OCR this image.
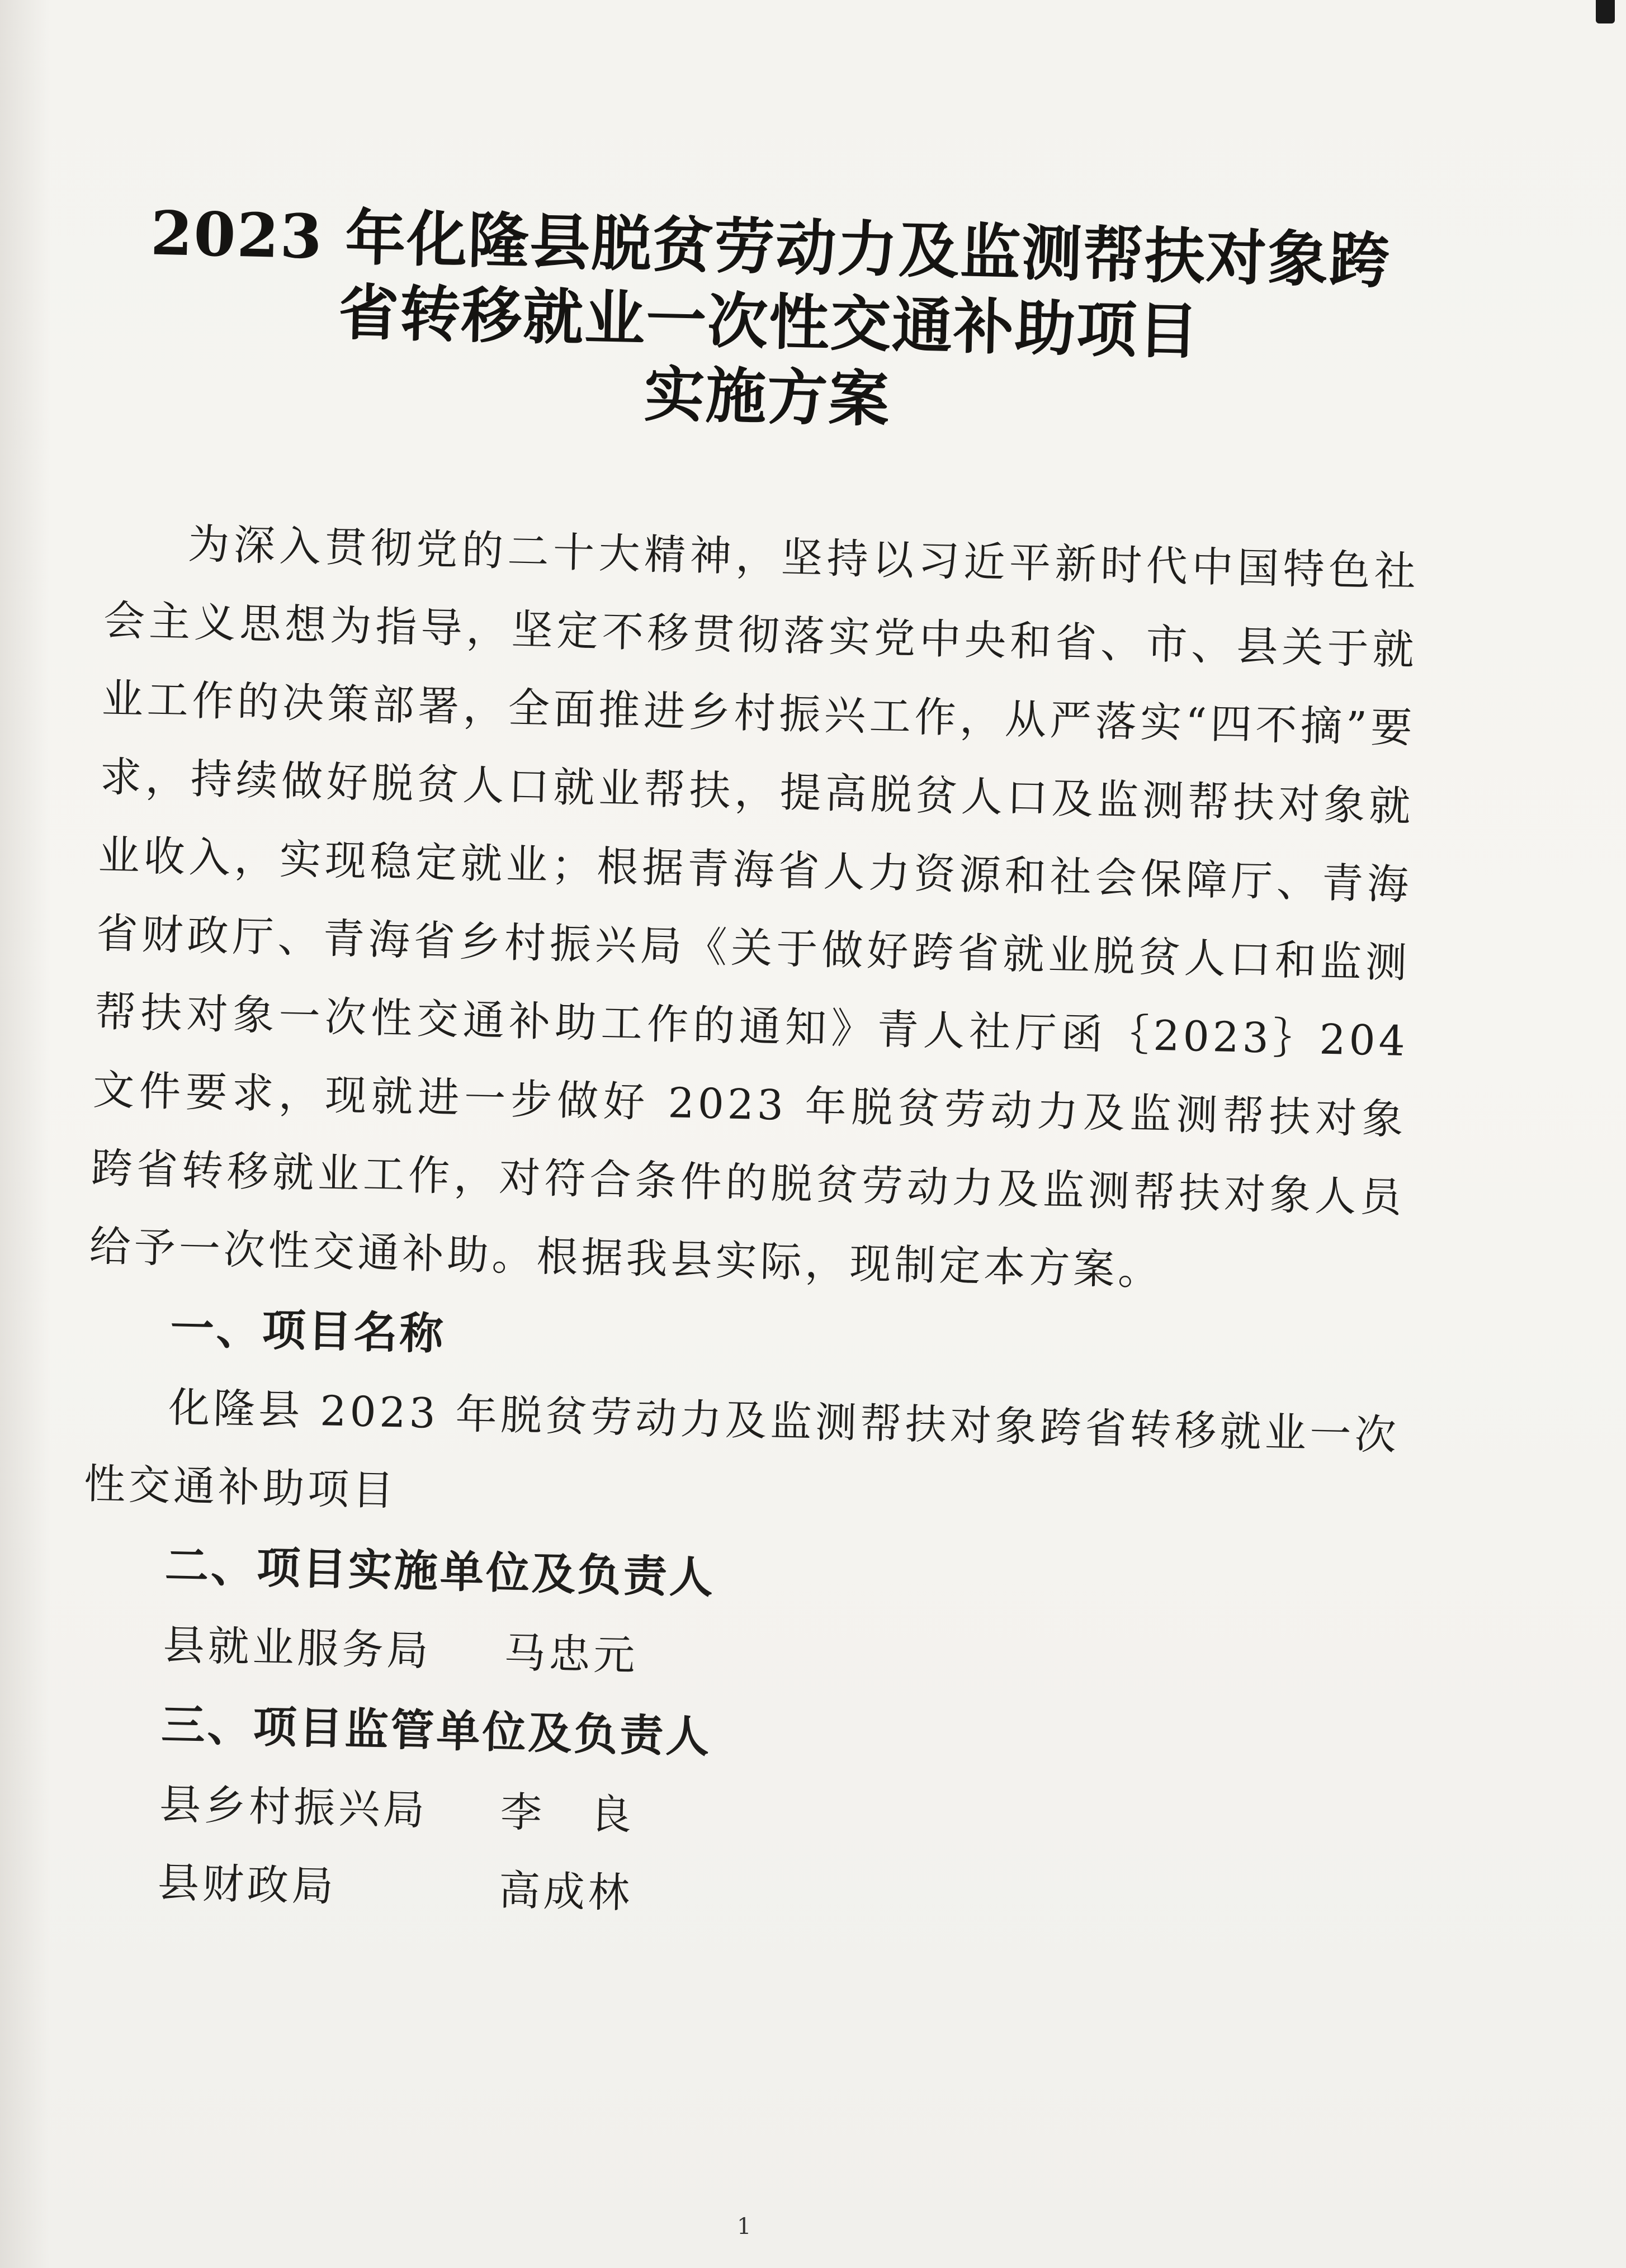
2023 年化隆县脱贫劳动力及监测帮扶对象跨
省转移就业一次性交通补助项目
实施方案

为深入贯彻党的二十大精神，坚持以习近平新时代中国特色社会主义思想为指导，坚定不移贯彻落实党中央和省、市、县关于就业工作的决策部署，全面推进乡村振兴工作，从严落实“四不摘”要求，持续做好脱贫人口就业帮扶，提高脱贫人口及监测帮扶对象就业收入，实现稳定就业；根据青海省人力资源和社会保障厅、青海省财政厅、青海省乡村振兴局《关于做好跨省就业脱贫人口和监测帮扶对象一次性交通补助工作的通知》青人社厅函｛2023｝204 文件要求，现就进一步做好 2023 年脱贫劳动力及监测帮扶对象跨省转移就业工作，对符合条件的脱贫劳动力及监测帮扶对象人员给予一次性交通补助。根据我县实际，现制定本方案。

一、项目名称

化隆县 2023 年脱贫劳动力及监测帮扶对象跨省转移就业一次性交通补助项目

二、项目实施单位及负责人

县就业服务局	马忠元

三、项目监管单位及负责人

县乡村振兴局	李　良
县财政局	高成林
1
